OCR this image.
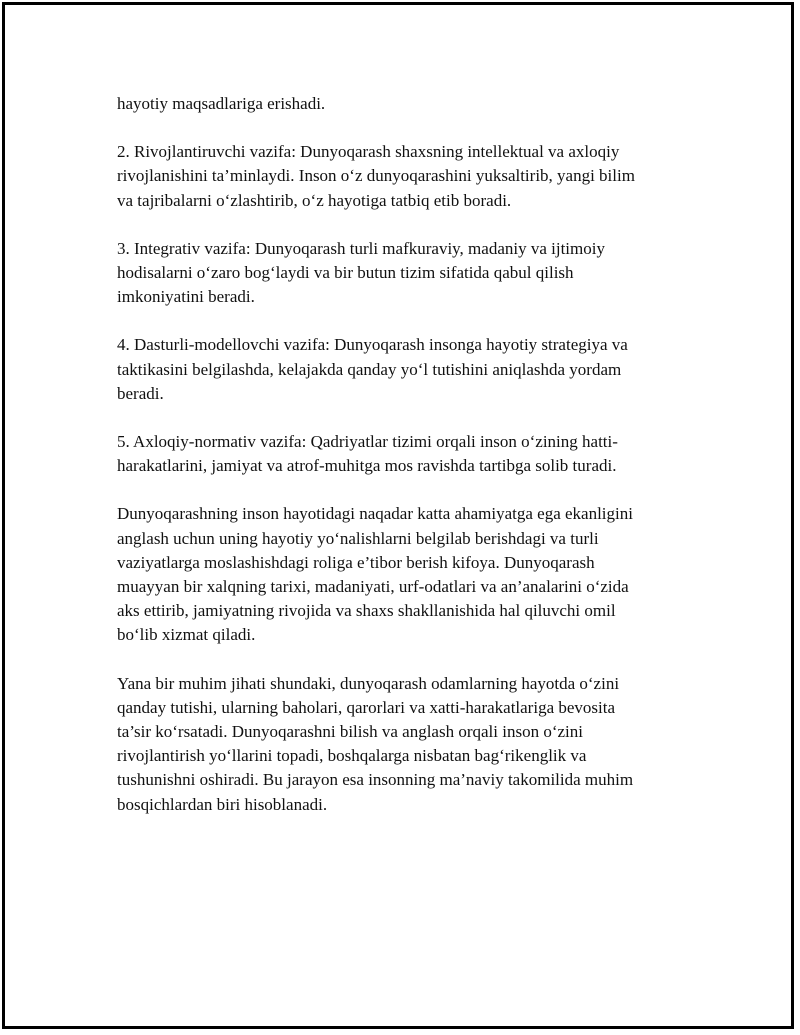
hayotiy maqsadlariga erishadi.

2. Rivojlantiruvchi vazifa: Dunyoqarash shaxsning intellektual va axloqiy
rivojlanishini ta’minlaydi. Inson o‘z dunyoqarashini yuksaltirib, yangi bilim
va tajribalarni o‘zlashtirib, o‘z hayotiga tatbiq etib boradi.

3. Integrativ vazifa: Dunyoqarash turli mafkuraviy, madaniy va ijtimoiy
hodisalarni o‘zaro bog‘laydi va bir butun tizim sifatida qabul qilish
imkoniyatini beradi.

4. Dasturli-modellovchi vazifa: Dunyoqarash insonga hayotiy strategiya va
taktikasini belgilashda, kelajakda qanday yo‘l tutishini aniqlashda yordam
beradi.

5. Axloqiy-normativ vazifa: Qadriyatlar tizimi orqali inson o‘zining hatti-
harakatlarini, jamiyat va atrof-muhitga mos ravishda tartibga solib turadi.

Dunyoqarashning inson hayotidagi naqadar katta ahamiyatga ega ekanligini
anglash uchun uning hayotiy yo‘nalishlarni belgilab berishdagi va turli
vaziyatlarga moslashishdagi roliga e’tibor berish kifoya. Dunyoqarash
muayyan bir xalqning tarixi, madaniyati, urf-odatlari va an’analarini o‘zida
aks ettirib, jamiyatning rivojida va shaxs shakllanishida hal qiluvchi omil
bo‘lib xizmat qiladi.

Yana bir muhim jihati shundaki, dunyoqarash odamlarning hayotda o‘zini
qanday tutishi, ularning baholari, qarorlari va xatti-harakatlariga bevosita
ta’sir ko‘rsatadi. Dunyoqarashni bilish va anglash orqali inson o‘zini
rivojlantirish yo‘llarini topadi, boshqalarga nisbatan bag‘rikenglik va
tushunishni oshiradi. Bu jarayon esa insonning ma’naviy takomilida muhim
bosqichlardan biri hisoblanadi.
